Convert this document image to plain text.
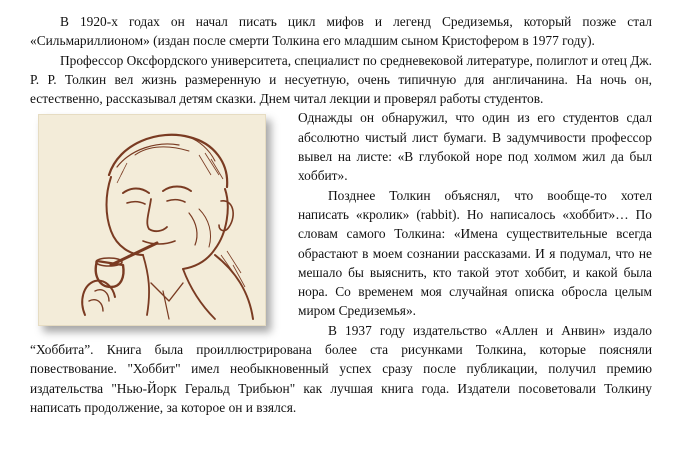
В 1920-х годах он начал писать цикл мифов и легенд Средиземья, который позже стал «Сильмариллионом» (издан после смерти Толкина его младшим сыном Кристофером в 1977 году).

Профессор Оксфордского университета, специалист по средневековой литературе, полиглот и отец Дж. Р. Р. Толкин вел жизнь размеренную и несуетную, очень типичную для англичанина. На ночь он, естественно, рассказывал детям сказки. Днем читал лекции и проверял работы студентов.

Однажды он обнаружил, что один из его студентов сдал абсолютно чистый лист бумаги. В задумчивости профессор вывел на листе: «В глубокой норе под холмом жил да был хоббит».

Позднее Толкин объяснял, что вообще-то хотел написать «кролик» (rabbit). Но написалось «хоббит»… По словам самого Толкина: «Имена существительные всегда обрастают в моем сознании рассказами. И я подумал, что не мешало бы выяснить, кто такой этот хоббит, и какой была нора. Со временем моя случайная описка обросла целым миром Средиземья».

В 1937 году издательство «Аллен и Анвин» издало “Хоббита”. Книга была проиллюстрирована более ста рисунками Толкина, которые поясняли повествование. "Хоббит" имел необыкновенный успех сразу после публикации, получил премию издательства "Нью-Йорк Геральд Трибьюн" как лучшая книга года. Издатели посоветовали Толкину написать продолжение, за которое он и взялся.
